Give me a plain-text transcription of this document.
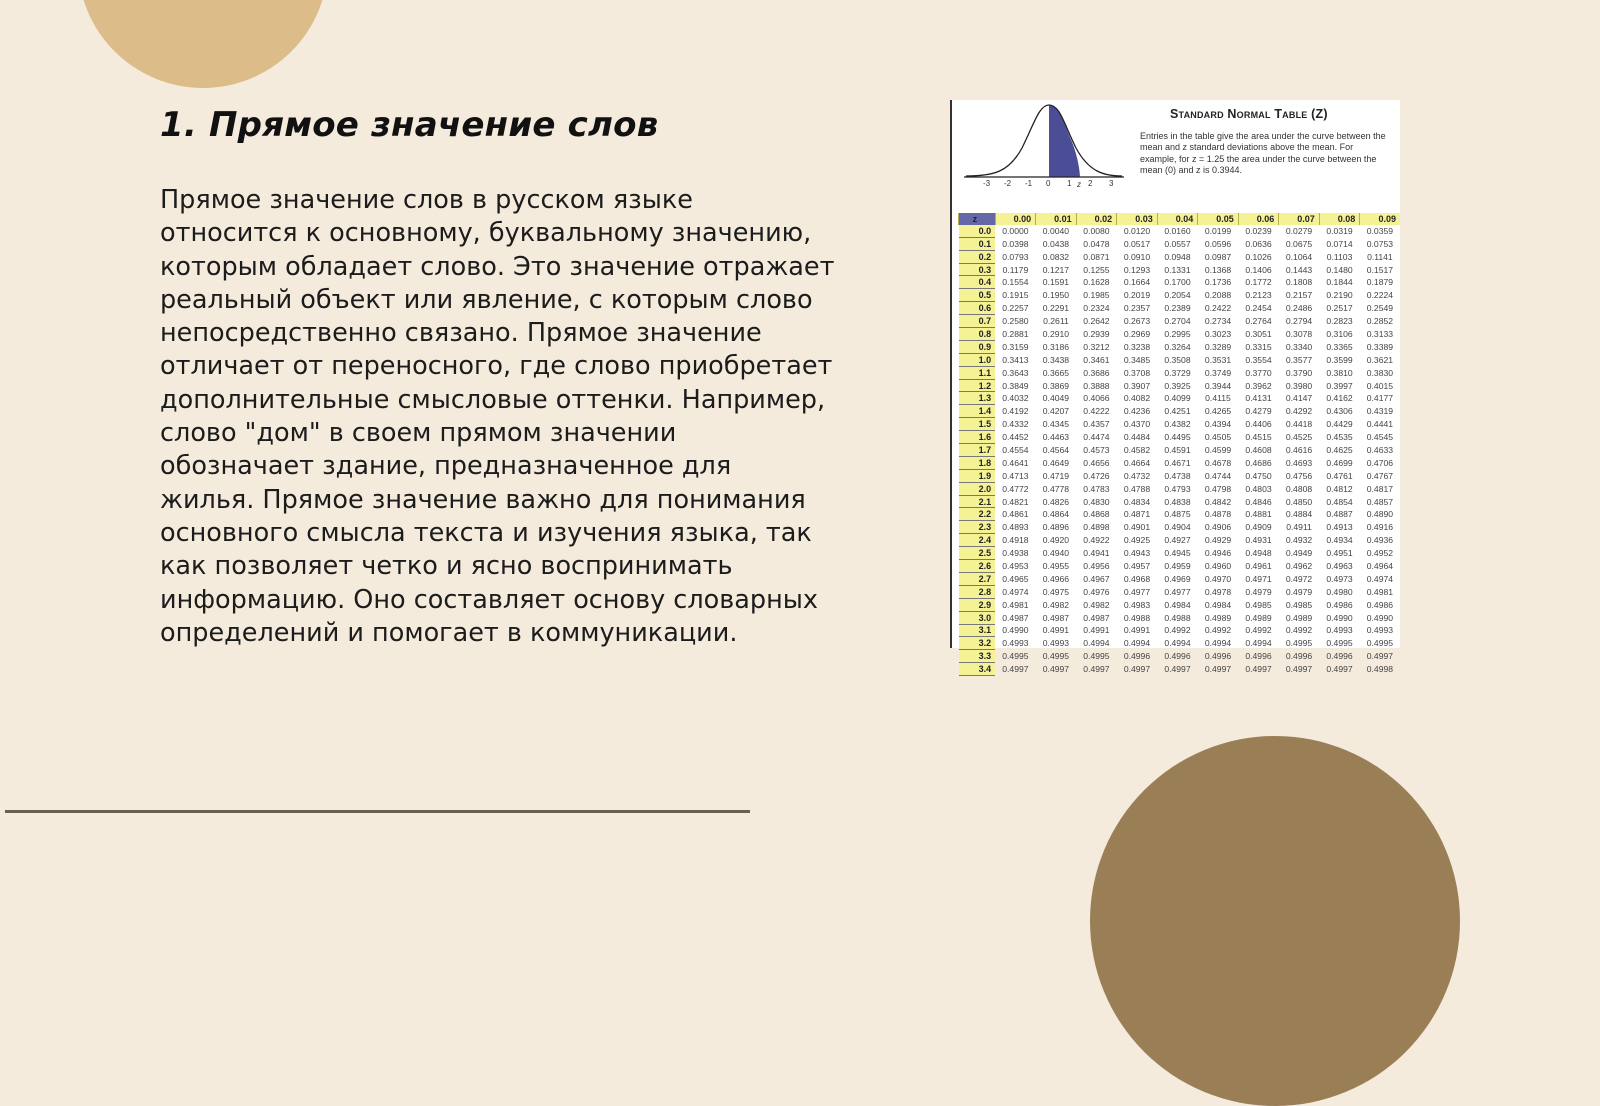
1. Прямое значение слов
Прямое значение слов в русском языке
относится к основному, буквальному значению,
которым обладает слово. Это значение отражает
реальный объект или явление, с которым слово
непосредственно связано. Прямое значение
отличает от переносного, где слово приобретает
дополнительные смысловые оттенки. Например,
слово "дом" в своем прямом значении
обозначает здание, предназначенное для
жилья. Прямое значение важно для понимания
основного смысла текста и изучения языка, так
как позволяет четко и ясно воспринимать
информацию. Оно составляет основу словарных
определений и помогает в коммуникации.
-3 -2 -1 0 1 2 3
z
Standard Normal Table (Z)
Entries in the table give the area under the curve between the mean and z standard deviations above the mean. For example, for z = 1.25 the area under the curve between the mean (0) and z is 0.3944.
z	0.00	0.01	0.02	0.03	0.04	0.05	0.06	0.07	0.08	0.09
0.0	0.0000	0.0040	0.0080	0.0120	0.0160	0.0199	0.0239	0.0279	0.0319	0.0359
0.1	0.0398	0.0438	0.0478	0.0517	0.0557	0.0596	0.0636	0.0675	0.0714	0.0753
0.2	0.0793	0.0832	0.0871	0.0910	0.0948	0.0987	0.1026	0.1064	0.1103	0.1141
0.3	0.1179	0.1217	0.1255	0.1293	0.1331	0.1368	0.1406	0.1443	0.1480	0.1517
0.4	0.1554	0.1591	0.1628	0.1664	0.1700	0.1736	0.1772	0.1808	0.1844	0.1879
0.5	0.1915	0.1950	0.1985	0.2019	0.2054	0.2088	0.2123	0.2157	0.2190	0.2224
0.6	0.2257	0.2291	0.2324	0.2357	0.2389	0.2422	0.2454	0.2486	0.2517	0.2549
0.7	0.2580	0.2611	0.2642	0.2673	0.2704	0.2734	0.2764	0.2794	0.2823	0.2852
0.8	0.2881	0.2910	0.2939	0.2969	0.2995	0.3023	0.3051	0.3078	0.3106	0.3133
0.9	0.3159	0.3186	0.3212	0.3238	0.3264	0.3289	0.3315	0.3340	0.3365	0.3389
1.0	0.3413	0.3438	0.3461	0.3485	0.3508	0.3531	0.3554	0.3577	0.3599	0.3621
1.1	0.3643	0.3665	0.3686	0.3708	0.3729	0.3749	0.3770	0.3790	0.3810	0.3830
1.2	0.3849	0.3869	0.3888	0.3907	0.3925	0.3944	0.3962	0.3980	0.3997	0.4015
1.3	0.4032	0.4049	0.4066	0.4082	0.4099	0.4115	0.4131	0.4147	0.4162	0.4177
1.4	0.4192	0.4207	0.4222	0.4236	0.4251	0.4265	0.4279	0.4292	0.4306	0.4319
1.5	0.4332	0.4345	0.4357	0.4370	0.4382	0.4394	0.4406	0.4418	0.4429	0.4441
1.6	0.4452	0.4463	0.4474	0.4484	0.4495	0.4505	0.4515	0.4525	0.4535	0.4545
1.7	0.4554	0.4564	0.4573	0.4582	0.4591	0.4599	0.4608	0.4616	0.4625	0.4633
1.8	0.4641	0.4649	0.4656	0.4664	0.4671	0.4678	0.4686	0.4693	0.4699	0.4706
1.9	0.4713	0.4719	0.4726	0.4732	0.4738	0.4744	0.4750	0.4756	0.4761	0.4767
2.0	0.4772	0.4778	0.4783	0.4788	0.4793	0.4798	0.4803	0.4808	0.4812	0.4817
2.1	0.4821	0.4826	0.4830	0.4834	0.4838	0.4842	0.4846	0.4850	0.4854	0.4857
2.2	0.4861	0.4864	0.4868	0.4871	0.4875	0.4878	0.4881	0.4884	0.4887	0.4890
2.3	0.4893	0.4896	0.4898	0.4901	0.4904	0.4906	0.4909	0.4911	0.4913	0.4916
2.4	0.4918	0.4920	0.4922	0.4925	0.4927	0.4929	0.4931	0.4932	0.4934	0.4936
2.5	0.4938	0.4940	0.4941	0.4943	0.4945	0.4946	0.4948	0.4949	0.4951	0.4952
2.6	0.4953	0.4955	0.4956	0.4957	0.4959	0.4960	0.4961	0.4962	0.4963	0.4964
2.7	0.4965	0.4966	0.4967	0.4968	0.4969	0.4970	0.4971	0.4972	0.4973	0.4974
2.8	0.4974	0.4975	0.4976	0.4977	0.4977	0.4978	0.4979	0.4979	0.4980	0.4981
2.9	0.4981	0.4982	0.4982	0.4983	0.4984	0.4984	0.4985	0.4985	0.4986	0.4986
3.0	0.4987	0.4987	0.4987	0.4988	0.4988	0.4989	0.4989	0.4989	0.4990	0.4990
3.1	0.4990	0.4991	0.4991	0.4991	0.4992	0.4992	0.4992	0.4992	0.4993	0.4993
3.2	0.4993	0.4993	0.4994	0.4994	0.4994	0.4994	0.4994	0.4995	0.4995	0.4995
3.3	0.4995	0.4995	0.4995	0.4996	0.4996	0.4996	0.4996	0.4996	0.4996	0.4997
3.4	0.4997	0.4997	0.4997	0.4997	0.4997	0.4997	0.4997	0.4997	0.4997	0.4998
